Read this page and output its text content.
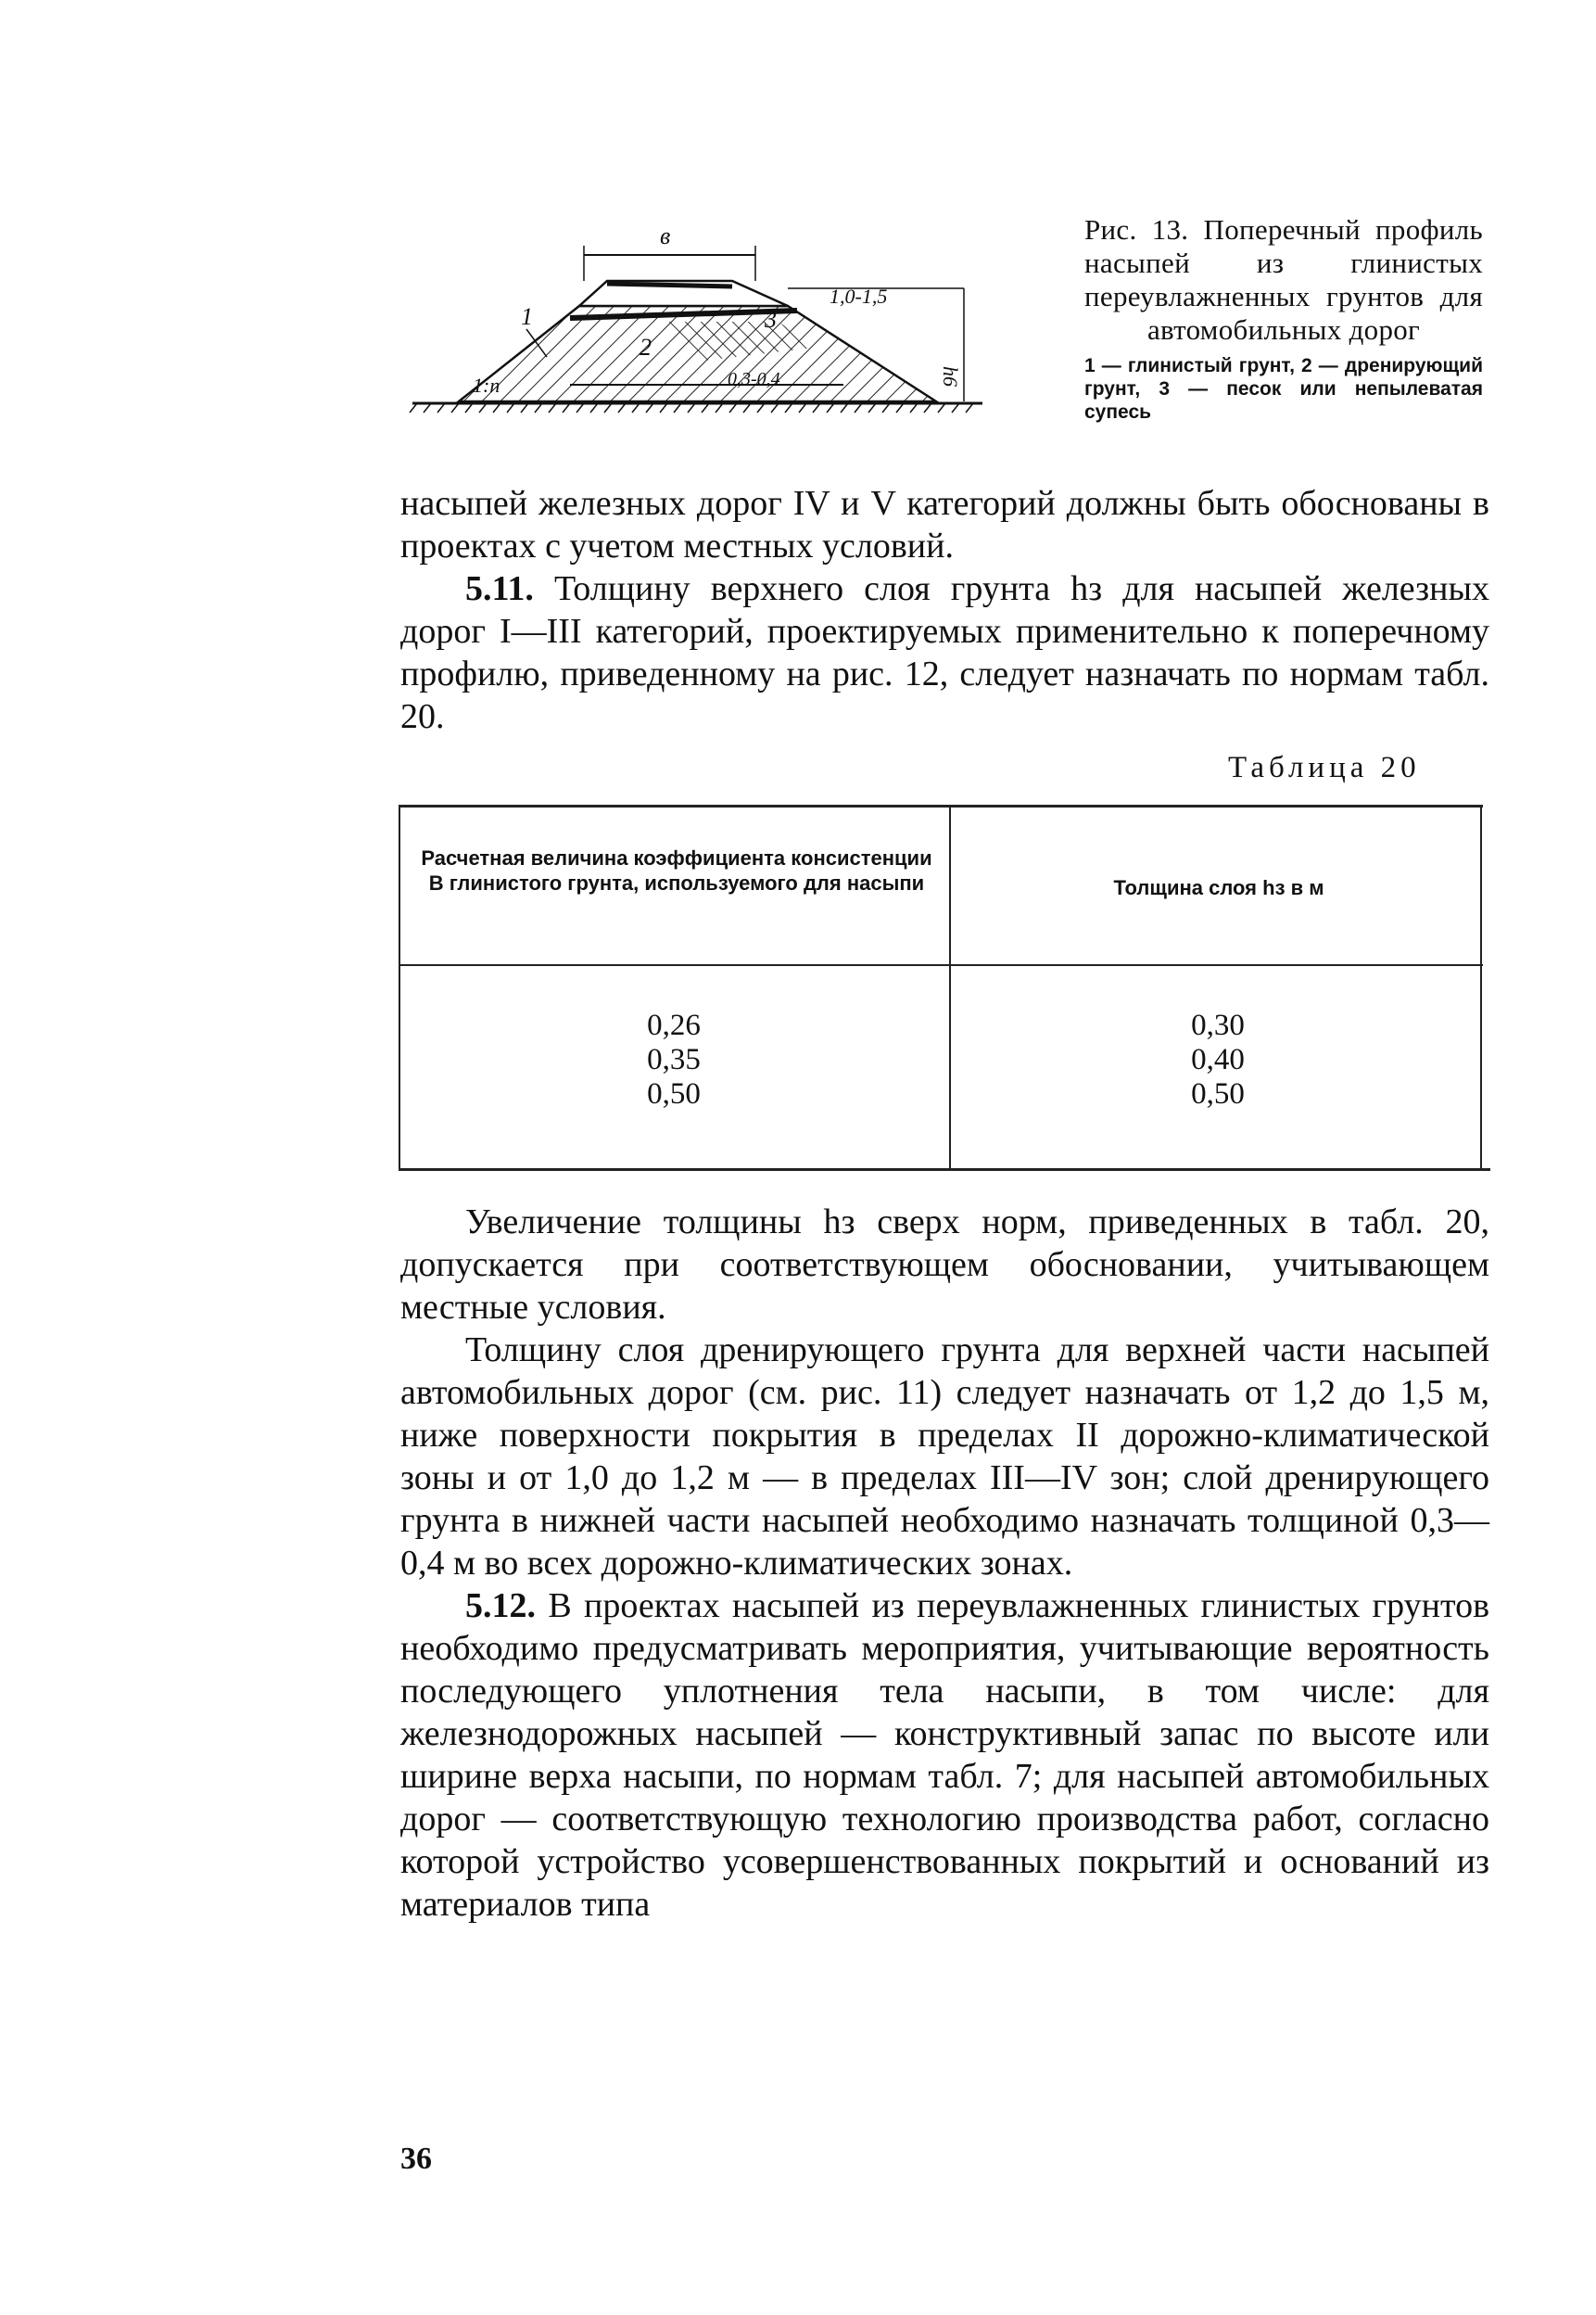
в
1,0-1,5
h6
1:n
1
2
3
0,3-0,4
Рис. 13. Поперечный профиль насыпей из глинистых переувлажненных грунтов для автомобильных дорог
1 — глинистый грунт, 2 — дренирующий грунт, 3 — песок или непылеватая супесь

насыпей железных дорог IV и V категорий должны быть обоснованы в проектах с учетом местных условий.

5.11. Толщину верхнего слоя грунта hз для насыпей железных дорог I—III категорий, проектируемых применительно к поперечному профилю, приведенному на рис. 12, следует назначать по нормам табл. 20.

Таблица 20
Расчетная величина коэффициента консистенции В глинистого грунта, используемого для насыпи	Толщина слоя hз в м
0,26
0,35
0,50
0,30
0,40
0,50

Увеличение толщины hз сверх норм, приведенных в табл. 20, допускается при соответствующем обосновании, учитывающем местные условия.

Толщину слоя дренирующего грунта для верхней части насыпей автомобильных дорог (см. рис. 11) следует назначать от 1,2 до 1,5 м, ниже поверхности покрытия в пределах II дорожно-климатической зоны и от 1,0 до 1,2 м — в пределах III—IV зон; слой дренирующего грунта в нижней части насыпей необходимо назначать толщиной 0,3—0,4 м во всех дорожно-климатических зонах.

5.12. В проектах насыпей из переувлажненных глинистых грунтов необходимо предусматривать мероприятия, учитывающие вероятность последующего уплотнения тела насыпи, в том числе: для железнодорожных насыпей — конструктивный запас по высоте или ширине верха насыпи, по нормам табл. 7; для насыпей автомобильных дорог — соответствующую технологию производства работ, согласно которой устройство усовершенствованных покрытий и оснований из материалов типа

36
